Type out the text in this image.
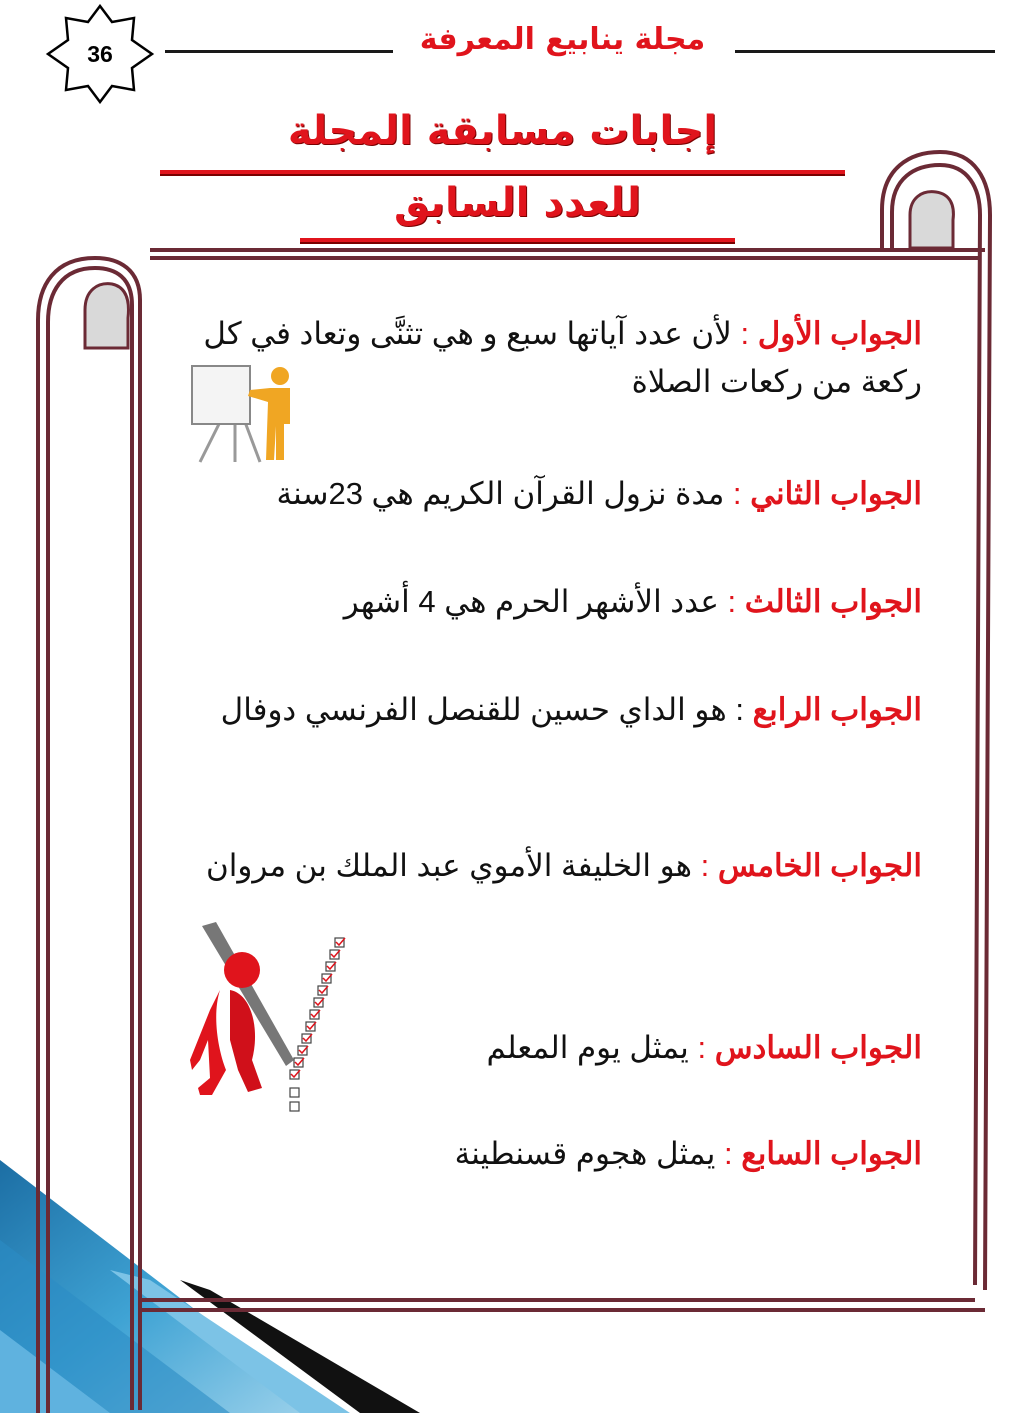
36	مجلة ينابيع المعرفة
إجابات مسابقة المجلة
للعدد السابق
الجواب الأول : لأن عدد آياتها سبع و هي تثنَّى وتعاد في كل ركعة من ركعات الصلاة
الجواب الثاني : مدة نزول القرآن الكريم هي 23سنة
الجواب الثالث : عدد الأشهر الحرم هي 4 أشهر
الجواب الرابع : هو الداي حسين للقنصل الفرنسي دوفال
الجواب الخامس : هو الخليفة الأموي عبد الملك بن مروان
الجواب السادس : يمثل يوم المعلم
الجواب السابع : يمثل هجوم قسنطينة
